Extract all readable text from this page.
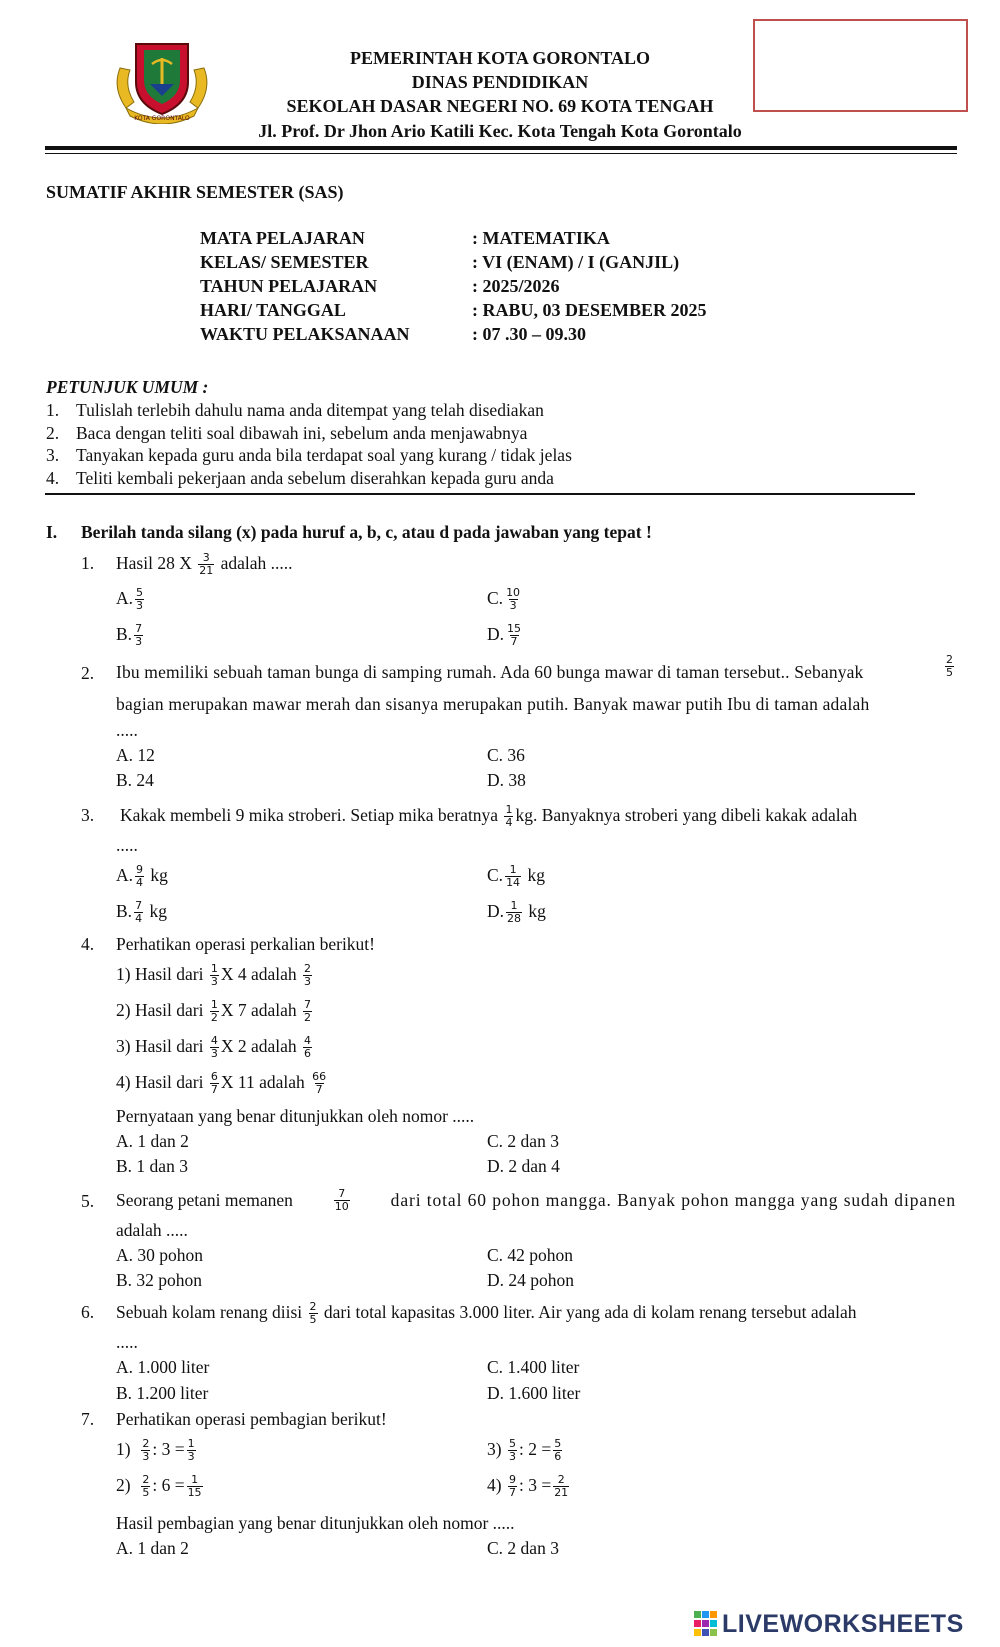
KOTA GORONTALO
PEMERINTAH KOTA GORONTALO
DINAS PENDIDIKAN
SEKOLAH DASAR NEGERI NO. 69 KOTA TENGAH
Jl. Prof. Dr Jhon Ario Katili Kec. Kota Tengah Kota Gorontalo
SUMATIF AKHIR SEMESTER (SAS)
MATA PELAJARAN	: MATEMATIKA
KELAS/ SEMESTER	: VI (ENAM) / I (GANJIL)
TAHUN PELAJARAN	: 2025/2026
HARI/ TANGGAL	: RABU, 03 DESEMBER 2025
WAKTU PELAKSANAAN	: 07 .30 – 09.30
PETUNJUK UMUM :
1. Tulislah terlebih dahulu nama anda ditempat yang telah disediakan
2. Baca dengan teliti soal dibawah ini, sebelum anda menjawabnya
3. Tanyakan kepada guru anda bila terdapat soal yang kurang / tidak jelas
4. Teliti kembali pekerjaan anda sebelum diserahkan kepada guru anda
I. Berilah tanda silang (x) pada huruf a, b, c, atau d pada jawaban yang tepat !
1. Hasil 28 X $\frac{3}{21}$ adalah .....
A. $\frac{5}{3}$	C. $\frac{10}{3}$
B. $\frac{7}{3}$	D. $\frac{15}{7}$
2. Ibu memiliki sebuah taman bunga di samping rumah. Ada 60 bunga mawar di taman tersebut.. Sebanyak	$\frac{2}{5}$
bagian merupakan mawar merah dan sisanya merupakan putih. Banyak mawar putih Ibu di taman adalah
.....
A. 12	C. 36
B. 24	D. 38
3. Kakak membeli 9 mika stroberi. Setiap mika beratnya $\frac{1}{4}$ kg. Banyaknya stroberi yang dibeli kakak adalah
.....
A. $\frac{9}{4}$ kg	C. $\frac{1}{14}$ kg
B. $\frac{7}{4}$ kg	D. $\frac{1}{28}$ kg
4. Perhatikan operasi perkalian berikut!
1) Hasil dari $\frac{1}{3}$ X 4 adalah $\frac{2}{3}$
2) Hasil dari $\frac{1}{2}$ X 7 adalah $\frac{7}{2}$
3) Hasil dari $\frac{4}{3}$ X 2 adalah $\frac{4}{6}$
4) Hasil dari $\frac{6}{7}$ X 11 adalah $\frac{66}{7}$
Pernyataan yang benar ditunjukkan oleh nomor .....
A. 1 dan 2	C. 2 dan 3
B. 1 dan 3	D. 2 dan 4
5. Seorang petani memanen	$\frac{7}{10}$ dari total 60 pohon mangga. Banyak pohon mangga yang sudah dipanen
adalah .....
A. 30 pohon	C. 42 pohon
B. 32 pohon	D. 24 pohon
6. Sebuah kolam renang diisi $\frac{2}{5}$ dari total kapasitas 3.000 liter. Air yang ada di kolam renang tersebut adalah
.....
A. 1.000 liter	C. 1.400 liter
B. 1.200 liter	D. 1.600 liter
7. Perhatikan operasi pembagian berikut!
$1) \frac{2}{3}$ : $3 = \frac{1}{3}$
$2) \frac{2}{5}$ : $6 = \frac{1}{15}$
$3) \frac{5}{3}$ : $2 = \frac{5}{6}$
$4) \frac{9}{7}$ : $3 = \frac{2}{21}$
Hasil pembagian yang benar ditunjukkan oleh nomor .....
A. 1 dan 2	C. 2 dan 3
LIVEWORKSHEETS
